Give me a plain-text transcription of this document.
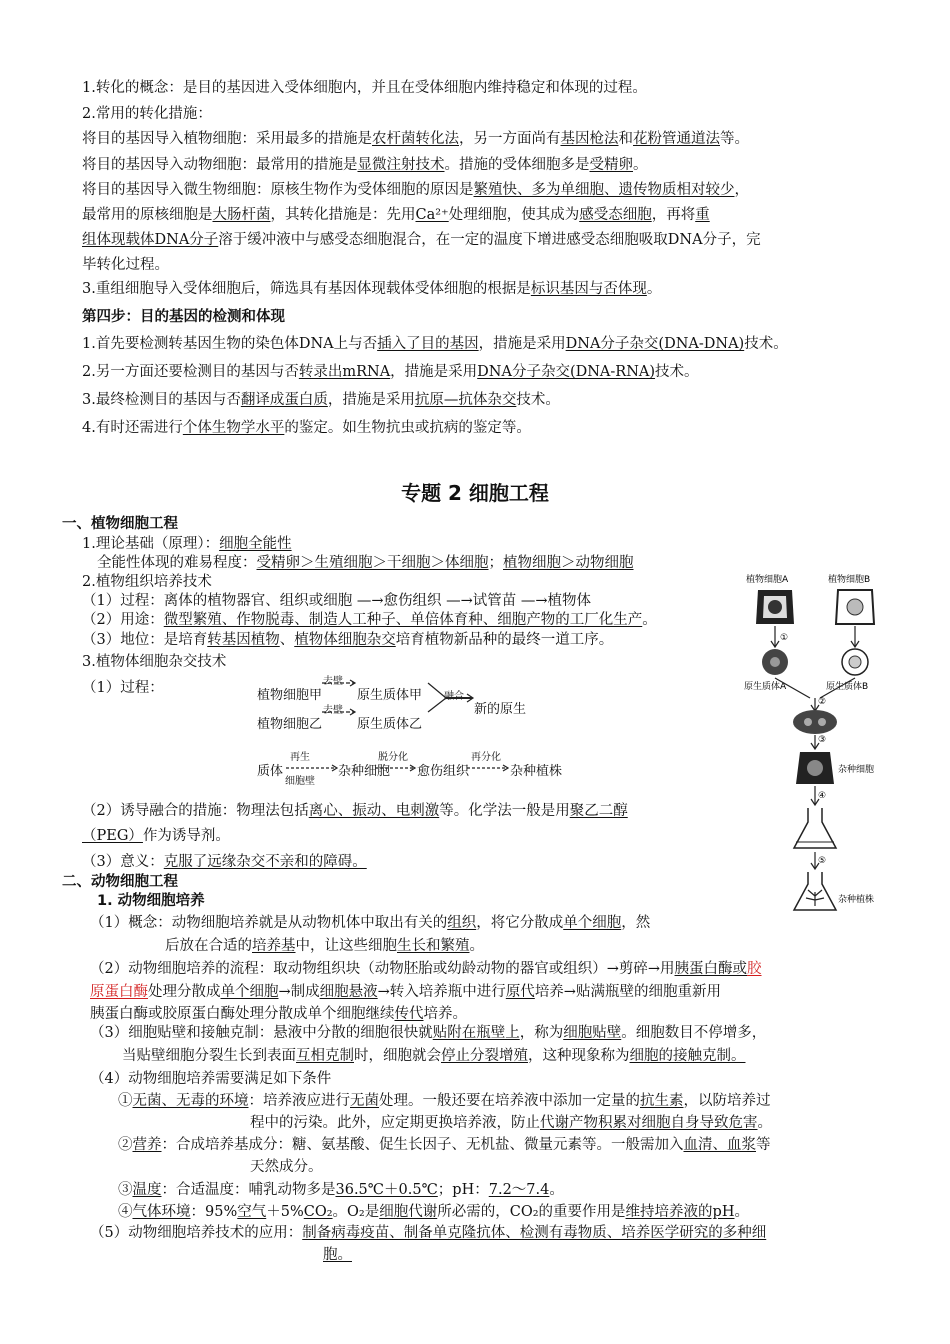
1.转化的概念：是目的基因进入受体细胞内，并且在受体细胞内维持稳定和体现的过程。
2.常用的转化措施：
将目的基因导入植物细胞：采用最多的措施是农杆菌转化法，另一方面尚有基因枪法和花粉管通道法等。
将目的基因导入动物细胞：最常用的措施是显微注射技术。措施的受体细胞多是受精卵。
将目的基因导入微生物细胞：原核生物作为受体细胞的原因是繁殖快、多为单细胞、遗传物质相对较少，
最常用的原核细胞是大肠杆菌，其转化措施是：先用Ca²⁺处理细胞，使其成为感受态细胞，再将重
组体现载体DNA分子溶于缓冲液中与感受态细胞混合，在一定的温度下增进感受态细胞吸取DNA分子，完
毕转化过程。
3.重组细胞导入受体细胞后，筛选具有基因体现载体受体细胞的根据是标识基因与否体现。
第四步：目的基因的检测和体现
1.首先要检测转基因生物的染色体DNA上与否插入了目的基因，措施是采用DNA分子杂交(DNA-DNA)技术。
2.另一方面还要检测目的基因与否转录出mRNA，措施是采用DNA分子杂交(DNA-RNA)技术。
3.最终检测目的基因与否翻译成蛋白质，措施是采用抗原—抗体杂交技术。
4.有时还需进行个体生物学水平的鉴定。如生物抗虫或抗病的鉴定等。
专题 2 细胞工程
一、植物细胞工程
1.理论基础（原理）：细胞全能性
全能性体现的难易程度：受精卵＞生殖细胞＞干细胞＞体细胞；植物细胞＞动物细胞
2.植物组织培养技术
（1）过程：离体的植物器官、组织或细胞 —→愈伤组织 —→试管苗 —→植物体
（2）用途：微型繁殖、作物脱毒、制造人工种子、单倍体育种、细胞产物的工厂化生产。
（3）地位：是培育转基因植物、植物体细胞杂交培育植物新品种的最终一道工序。
3.植物体细胞杂交技术
（1）过程：	植物细胞甲
去壁
原生质体甲
植物细胞乙
去壁
原生质体乙
融合
新的原生
质体
再生
细胞壁
杂种细胞
脱分化
愈伤组织
再分化
杂种植株
（2）诱导融合的措施：物理法包括离心、振动、电刺激等。化学法一般是用聚乙二醇
（PEG）作为诱导剂。
（3）意义：克服了远缘杂交不亲和的障碍。
植物细胞A	植物细胞B
原生质体A	原生质体B
②
③
杂种细胞
④
⑤
杂种植株
①
二、动物细胞工程
1. 动物细胞培养
（1）概念：动物细胞培养就是从动物机体中取出有关的组织，将它分散成单个细胞，然
后放在合适的培养基中，让这些细胞生长和繁殖。
（2）动物细胞培养的流程：取动物组织块（动物胚胎或幼龄动物的器官或组织）→剪碎→用胰蛋白酶或胶
原蛋白酶处理分散成单个细胞→制成细胞悬液→转入培养瓶中进行原代培养→贴满瓶壁的细胞重新用
胰蛋白酶或胶原蛋白酶处理分散成单个细胞继续传代培养。
（3）细胞贴壁和接触克制：悬液中分散的细胞很快就贴附在瓶壁上，称为细胞贴壁。细胞数目不停增多，
当贴壁细胞分裂生长到表面互相克制时，细胞就会停止分裂增殖，这种现象称为细胞的接触克制。
（4）动物细胞培养需要满足如下条件
①无菌、无毒的环境：培养液应进行无菌处理。一般还要在培养液中添加一定量的抗生素，以防培养过
程中的污染。此外，应定期更换培养液，防止代谢产物积累对细胞自身导致危害。
②营养：合成培养基成分：糖、氨基酸、促生长因子、无机盐、微量元素等。一般需加入血清、血浆等
天然成分。
③温度：合适温度：哺乳动物多是36.5℃＋0.5℃；pH：7.2～7.4。
④气体环境：95%空气＋5%CO₂。O₂是细胞代谢所必需的，CO₂的重要作用是维持培养液的pH。
（5）动物细胞培养技术的应用：制备病毒疫苗、制备单克隆抗体、检测有毒物质、培养医学研究的多种细
胞。
